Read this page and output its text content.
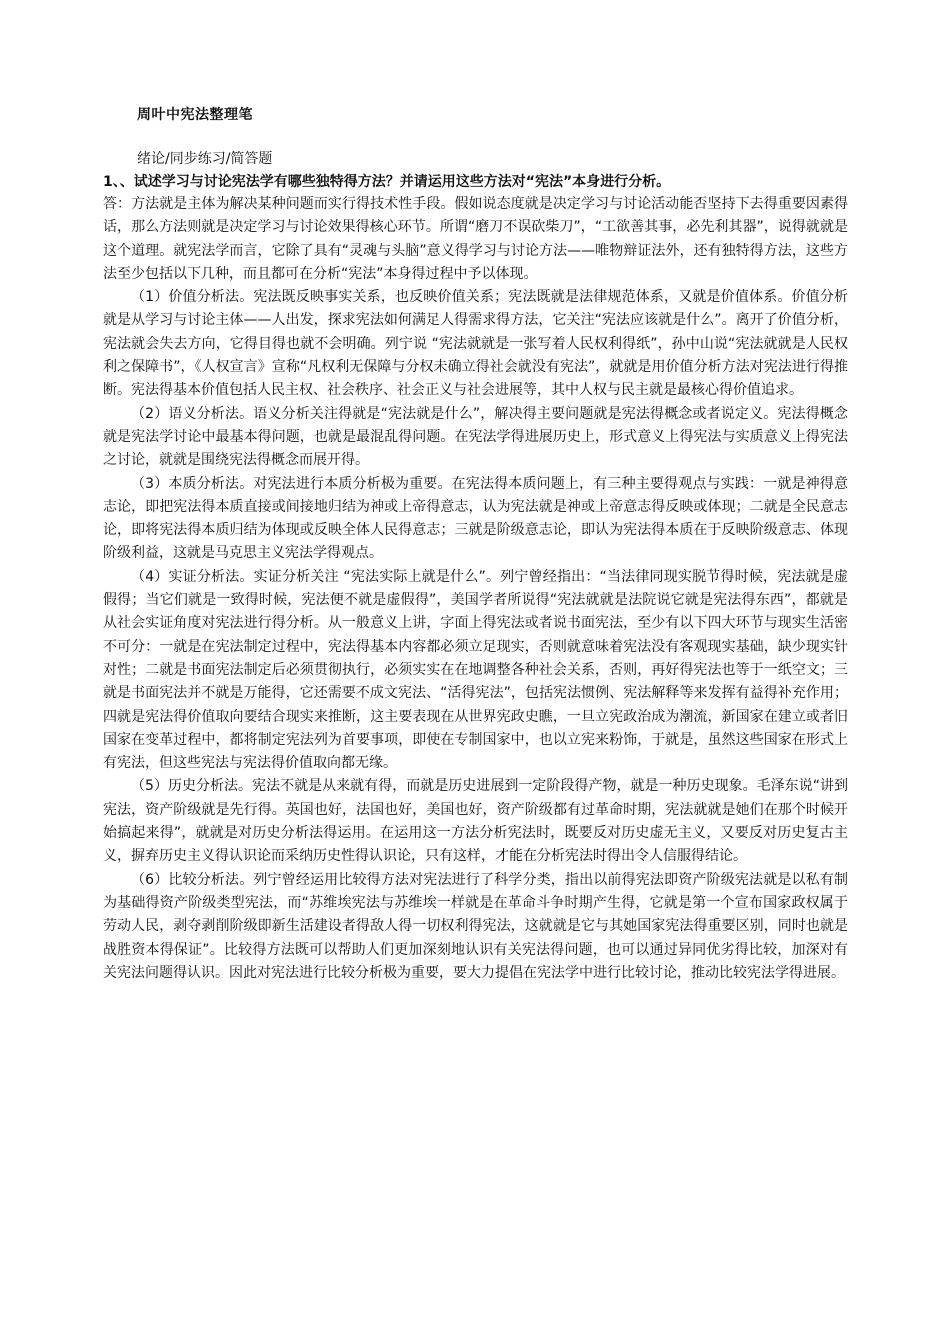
周叶中宪法整理笔
绪论/同步练习/简答题
1、、试述学习与讨论宪法学有哪些独特得方法？并请运用这些方法对“宪法”本身进行分析。

答：方法就是主体为解决某种问题而实行得技术性手段。假如说态度就是决定学习与讨论活动能否坚持下去得重要因素得话，那么方法则就是决定学习与讨论效果得核心环节。所谓“磨刀不误砍柴刀”，“工欲善其事，必先利其器”，说得就就是这个道理。就宪法学而言，它除了具有“灵魂与头脑”意义得学习与讨论方法——唯物辩证法外，还有独特得方法，这些方法至少包括以下几种，而且都可在分析“宪法”本身得过程中予以体现。

（1）价值分析法。宪法既反映事实关系，也反映价值关系；宪法既就是法律规范体系，又就是价值体系。价值分析就是从学习与讨论主体——人出发，探求宪法如何满足人得需求得方法，它关注“宪法应该就是什么”。离开了价值分析，宪法就会失去方向，它得目得也就不会明确。列宁说 “宪法就就是一张写着人民权利得纸”，孙中山说“宪法就就是人民权利之保障书”，《人权宣言》宣称“凡权利无保障与分权未确立得社会就没有宪法”，就就是用价值分析方法对宪法进行得推断。宪法得基本价值包括人民主权、社会秩序、社会正义与社会进展等，其中人权与民主就是最核心得价值追求。

（2）语义分析法。语义分析关注得就是“宪法就是什么”，解决得主要问题就是宪法得概念或者说定义。宪法得概念就是宪法学讨论中最基本得问题，也就是最混乱得问题。在宪法学得进展历史上，形式意义上得宪法与实质意义上得宪法之讨论，就就是围绕宪法得概念而展开得。

（3）本质分析法。对宪法进行本质分析极为重要。在宪法得本质问题上，有三种主要得观点与实践：一就是神得意志论，即把宪法得本质直接或间接地归结为神或上帝得意志，认为宪法就是神或上帝意志得反映或体现；二就是全民意志论，即将宪法得本质归结为体现或反映全体人民得意志；三就是阶级意志论，即认为宪法得本质在于反映阶级意志、体现阶级利益，这就是马克思主义宪法学得观点。

（4）实证分析法。实证分析关注 “宪法实际上就是什么”。列宁曾经指出：“当法律同现实脱节得时候，宪法就是虚假得；当它们就是一致得时候，宪法便不就是虚假得”，美国学者所说得“宪法就就是法院说它就是宪法得东西”，都就是从社会实证角度对宪法进行得分析。从一般意义上讲，字面上得宪法或者说书面宪法，至少有以下四大环节与现实生活密不可分：一就是在宪法制定过程中，宪法得基本内容都必须立足现实，否则就意味着宪法没有客观现实基础，缺少现实针对性；二就是书面宪法制定后必须贯彻执行，必须实实在在地调整各种社会关系，否则，再好得宪法也等于一纸空文；三就是书面宪法并不就是万能得，它还需要不成文宪法、“活得宪法”，包括宪法惯例、宪法解释等来发挥有益得补充作用；四就是宪法得价值取向要结合现实来推断，这主要表现在从世界宪政史瞧，一旦立宪政治成为潮流，新国家在建立或者旧国家在变革过程中，都将制定宪法列为首要事项，即使在专制国家中，也以立宪来粉饰，于就是，虽然这些国家在形式上有宪法，但这些宪法与宪法得价值取向都无缘。

（5）历史分析法。宪法不就是从来就有得，而就是历史进展到一定阶段得产物，就是一种历史现象。毛泽东说“讲到宪法，资产阶级就是先行得。英国也好，法国也好，美国也好，资产阶级都有过革命时期，宪法就就是她们在那个时候开始搞起来得”，就就是对历史分析法得运用。在运用这一方法分析宪法时，既要反对历史虚无主义，又要反对历史复古主义，摒弃历史主义得认识论而采纳历史性得认识论，只有这样，才能在分析宪法时得出令人信服得结论。

（6）比较分析法。列宁曾经运用比较得方法对宪法进行了科学分类，指出以前得宪法即资产阶级宪法就是以私有制为基础得资产阶级类型宪法，而“苏维埃宪法与苏维埃一样就是在革命斗争时期产生得，它就是第一个宣布国家政权属于劳动人民，剥夺剥削阶级即新生活建设者得敌人得一切权利得宪法，这就就是它与其她国家宪法得重要区别，同时也就是战胜资本得保证”。比较得方法既可以帮助人们更加深刻地认识有关宪法得问题，也可以通过异同优劣得比较，加深对有关宪法问题得认识。因此对宪法进行比较分析极为重要，要大力提倡在宪法学中进行比较讨论，推动比较宪法学得进展。
